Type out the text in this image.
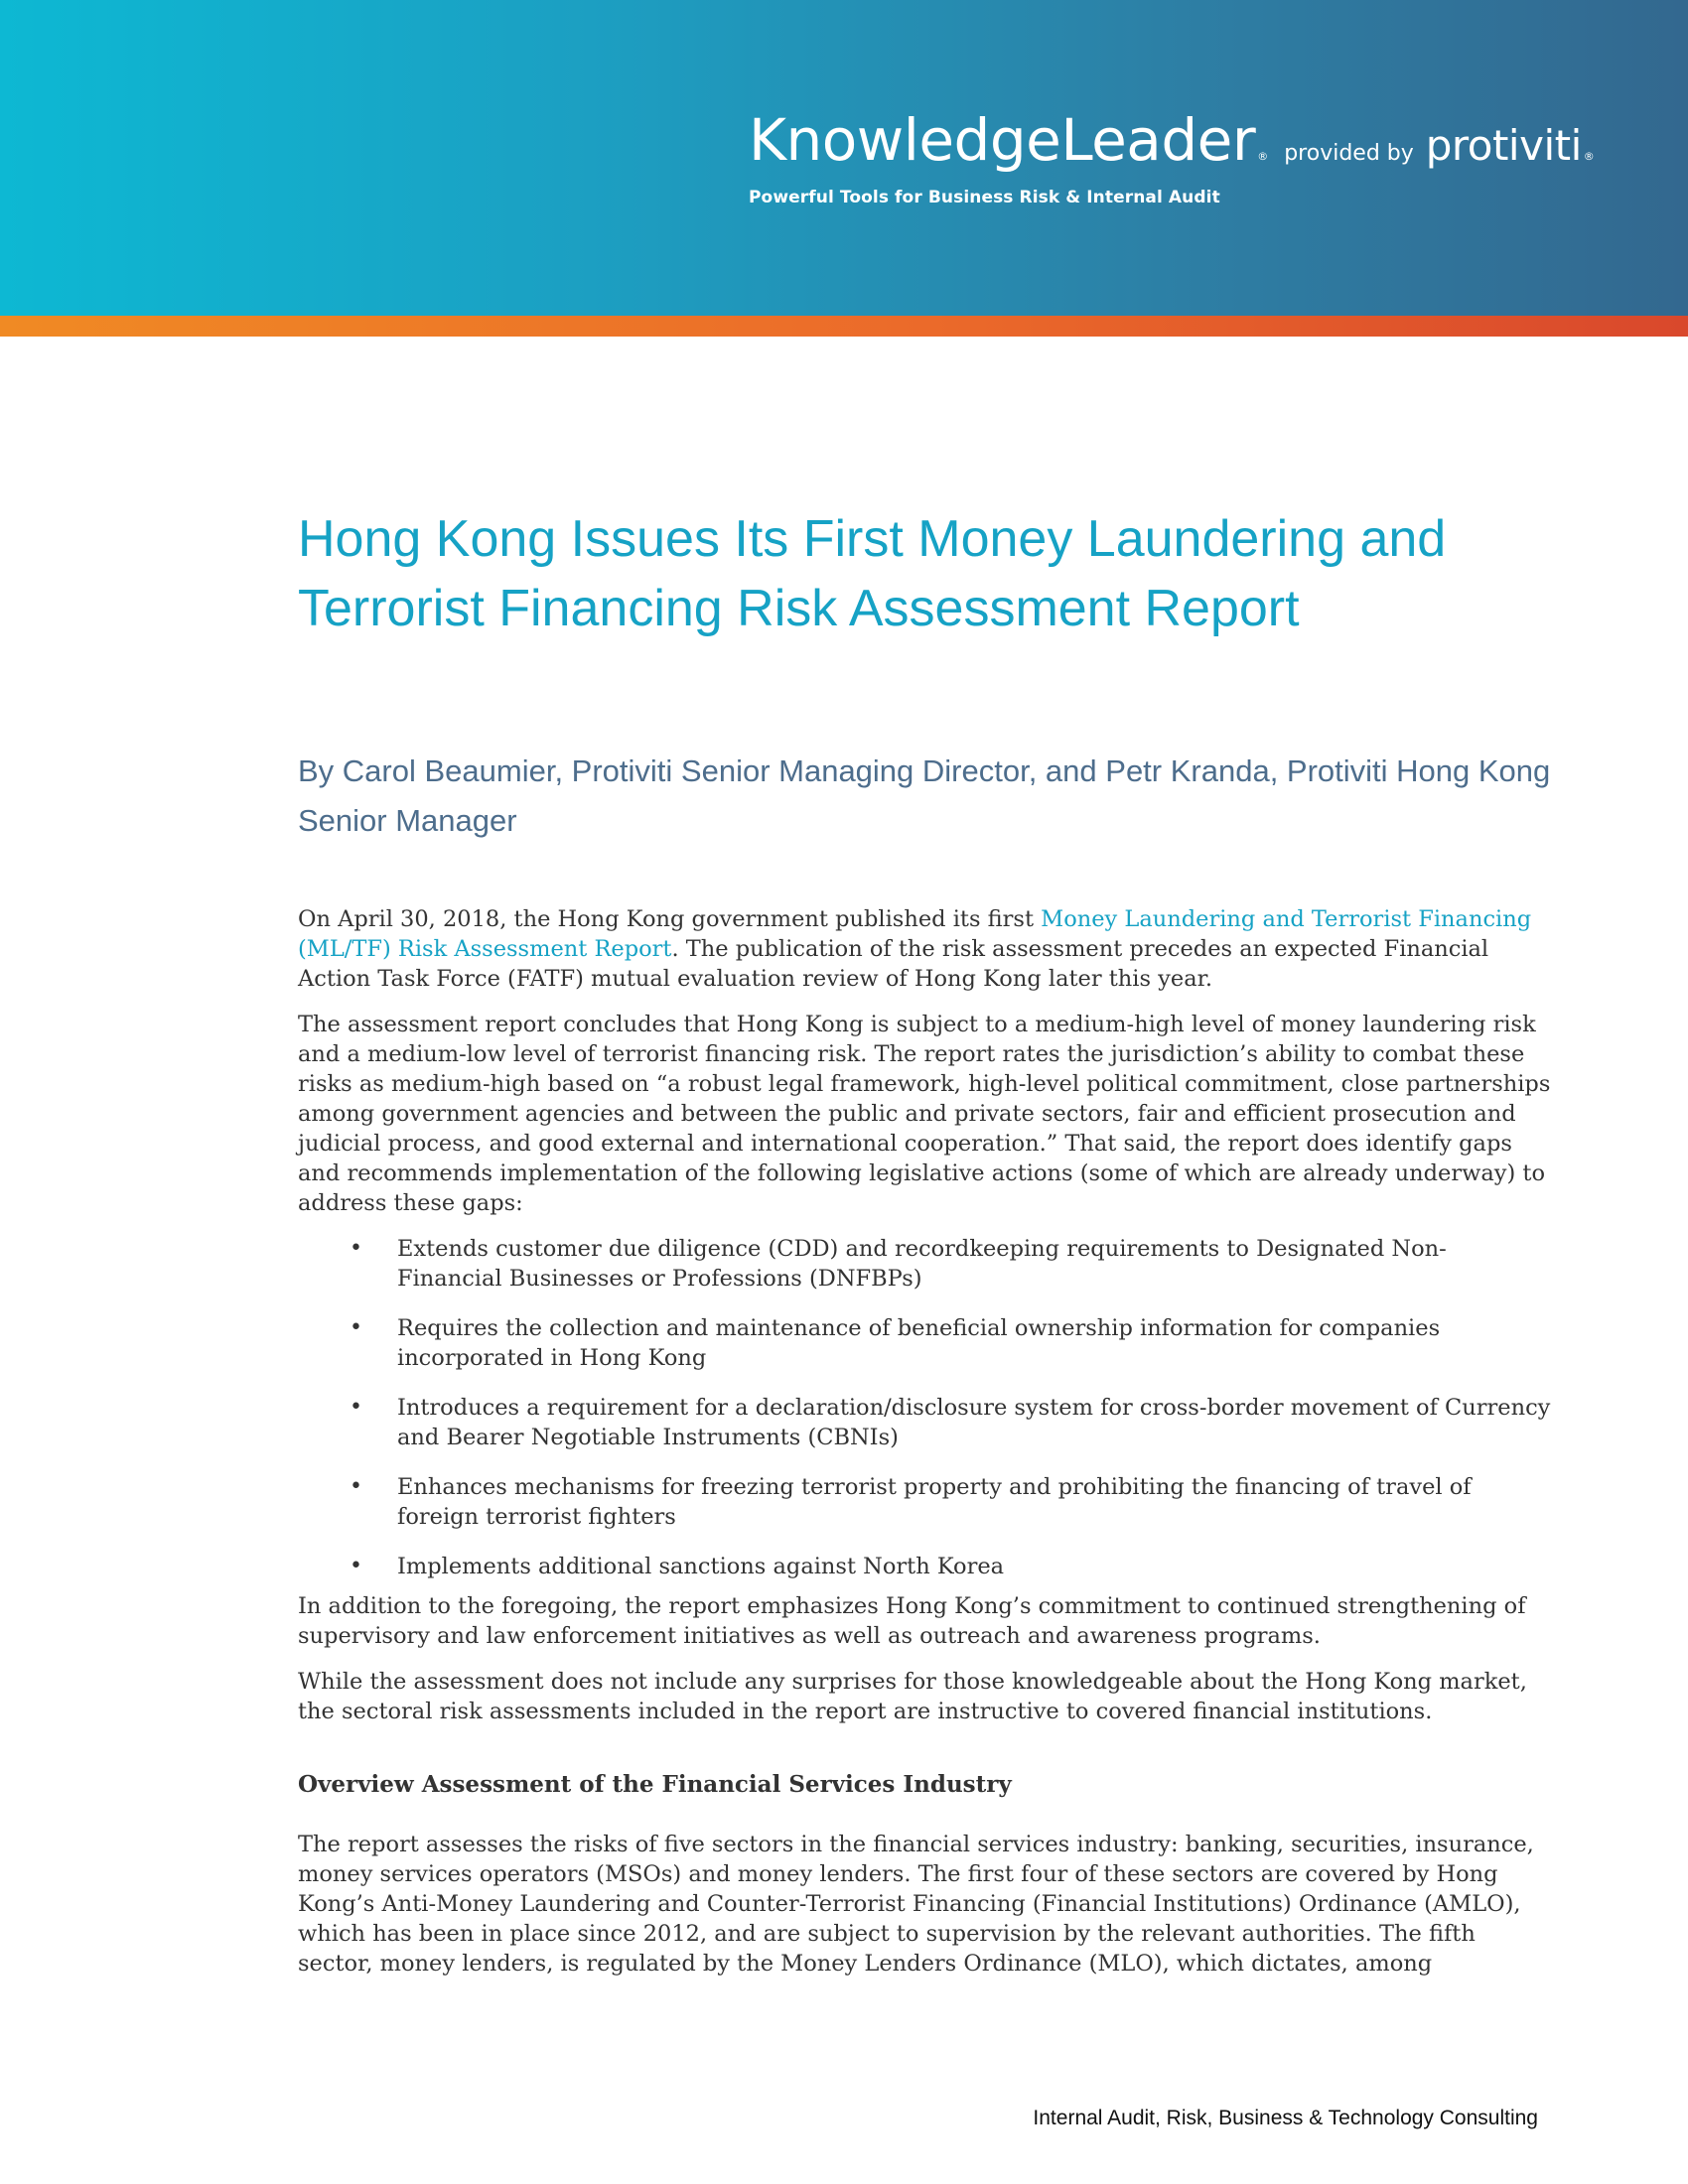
KnowledgeLeader ® provided by protiviti ®
Powerful Tools for Business Risk & Internal Audit
Hong Kong Issues Its First Money Laundering and Terrorist Financing Risk Assessment Report

By Carol Beaumier, Protiviti Senior Managing Director, and Petr Kranda, Protiviti Hong Kong Senior Manager

On April 30, 2018, the Hong Kong government published its first Money Laundering and Terrorist Financing (ML/TF) Risk Assessment Report. The publication of the risk assessment precedes an expected Financial Action Task Force (FATF) mutual evaluation review of Hong Kong later this year.

The assessment report concludes that Hong Kong is subject to a medium-high level of money laundering risk and a medium-low level of terrorist financing risk. The report rates the jurisdiction’s ability to combat these risks as medium-high based on “a robust legal framework, high-level political commitment, close partnerships among government agencies and between the public and private sectors, fair and efficient prosecution and judicial process, and good external and international cooperation.” That said, the report does identify gaps and recommends implementation of the following legislative actions (some of which are already underway) to address these gaps:

• Extends customer due diligence (CDD) and recordkeeping requirements to Designated Non-Financial Businesses or Professions (DNFBPs)
• Requires the collection and maintenance of beneficial ownership information for companies incorporated in Hong Kong
• Introduces a requirement for a declaration/disclosure system for cross-border movement of Currency and Bearer Negotiable Instruments (CBNIs)
• Enhances mechanisms for freezing terrorist property and prohibiting the financing of travel of foreign terrorist fighters
• Implements additional sanctions against North Korea

In addition to the foregoing, the report emphasizes Hong Kong’s commitment to continued strengthening of supervisory and law enforcement initiatives as well as outreach and awareness programs.

While the assessment does not include any surprises for those knowledgeable about the Hong Kong market, the sectoral risk assessments included in the report are instructive to covered financial institutions.

Overview Assessment of the Financial Services Industry

The report assesses the risks of five sectors in the financial services industry: banking, securities, insurance, money services operators (MSOs) and money lenders. The first four of these sectors are covered by Hong Kong’s Anti-Money Laundering and Counter-Terrorist Financing (Financial Institutions) Ordinance (AMLO), which has been in place since 2012, and are subject to supervision by the relevant authorities. The fifth sector, money lenders, is regulated by the Money Lenders Ordinance (MLO), which dictates, among

Internal Audit, Risk, Business & Technology Consulting
